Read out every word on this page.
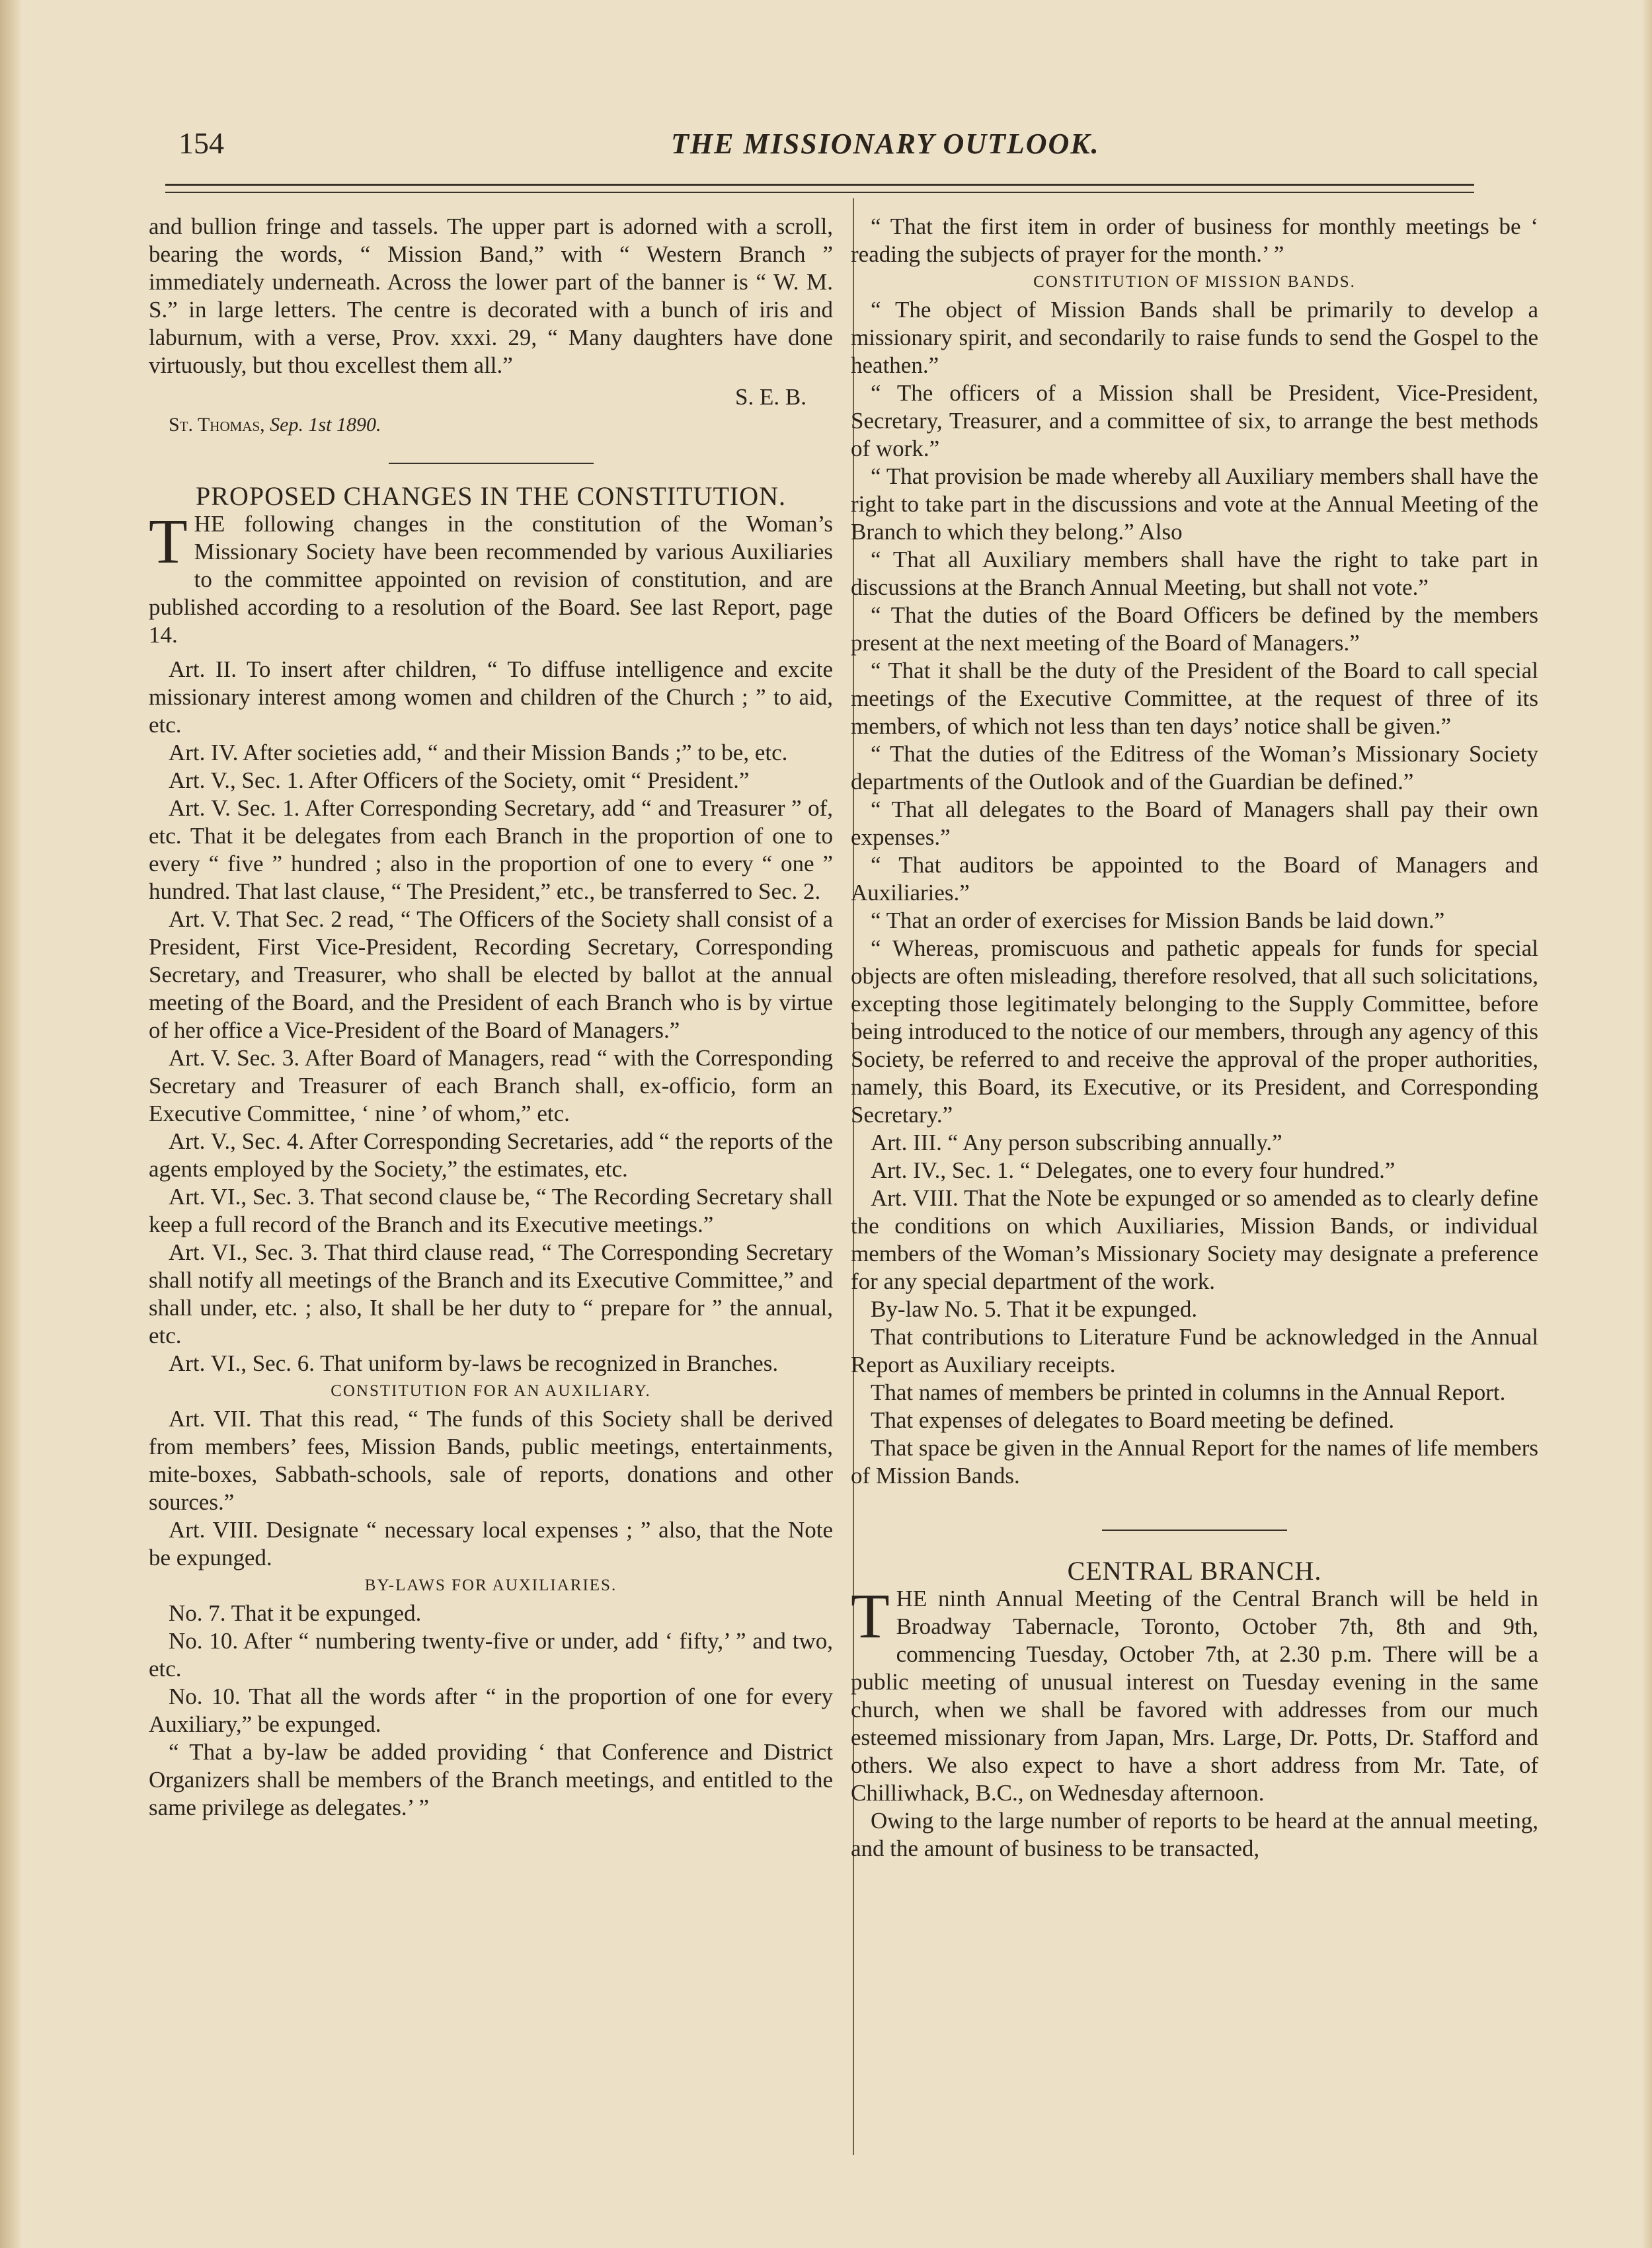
154	THE MISSIONARY OUTLOOK.

and bullion fringe and tassels. The upper part is adorned with a scroll, bearing the words, “ Mission Band,” with “ Western Branch ” immediately underneath. Across the lower part of the banner is “ W. M. S.” in large letters. The centre is decorated with a bunch of iris and laburnum, with a verse, Prov. xxxi. 29, “ Many daughters have done virtuously, but thou excellest them all.”

S. E. B.

St. Thomas, Sep. 1st 1890.

PROPOSED CHANGES IN THE CONSTITUTION.

THE following changes in the constitution of the Woman’s Missionary Society have been recommended by various Auxiliaries to the committee appointed on revision of constitution, and are published according to a resolution of the Board. See last Report, page 14.

Art. II. To insert after children, “ To diffuse intelligence and excite missionary interest among women and children of the Church ; ” to aid, etc.

Art. IV. After societies add, “ and their Mission Bands ;” to be, etc.

Art. V., Sec. 1. After Officers of the Society, omit “ President.”

Art. V. Sec. 1. After Corresponding Secretary, add “ and Treasurer ” of, etc. That it be delegates from each Branch in the proportion of one to every “ five ” hundred ; also in the proportion of one to every “ one ” hundred. That last clause, “ The President,” etc., be transferred to Sec. 2.

Art. V. That Sec. 2 read, “ The Officers of the Society shall consist of a President, First Vice-President, Recording Secretary, Corresponding Secretary, and Treasurer, who shall be elected by ballot at the annual meeting of the Board, and the President of each Branch who is by virtue of her office a Vice-President of the Board of Managers.”

Art. V. Sec. 3. After Board of Managers, read “ with the Corresponding Secretary and Treasurer of each Branch shall, ex-officio, form an Executive Committee, ‘ nine ’ of whom,” etc.

Art. V., Sec. 4. After Corresponding Secretaries, add “ the reports of the agents employed by the Society,” the estimates, etc.

Art. VI., Sec. 3. That second clause be, “ The Recording Secretary shall keep a full record of the Branch and its Executive meetings.”

Art. VI., Sec. 3. That third clause read, “ The Corresponding Secretary shall notify all meetings of the Branch and its Executive Committee,” and shall under, etc. ; also, It shall be her duty to “ prepare for ” the annual, etc.

Art. VI., Sec. 6. That uniform by-laws be recognized in Branches.

CONSTITUTION FOR AN AUXILIARY.

Art. VII. That this read, “ The funds of this Society shall be derived from members’ fees, Mission Bands, public meetings, entertainments, mite-boxes, Sabbath-schools, sale of reports, donations and other sources.”

Art. VIII. Designate “ necessary local expenses ; ” also, that the Note be expunged.

BY-LAWS FOR AUXILIARIES.

No. 7. That it be expunged.

No. 10. After “ numbering twenty-five or under, add ‘ fifty,’ ” and two, etc.

No. 10. That all the words after “ in the proportion of one for every Auxiliary,” be expunged.

“ That a by-law be added providing ‘ that Conference and District Organizers shall be members of the Branch meetings, and entitled to the same privilege as delegates.’ ”

“ That the first item in order of business for monthly meetings be ‘ reading the subjects of prayer for the month.’ ”

CONSTITUTION OF MISSION BANDS.

“ The object of Mission Bands shall be primarily to develop a missionary spirit, and secondarily to raise funds to send the Gospel to the heathen.”

“ The officers of a Mission shall be President, Vice-President, Secretary, Treasurer, and a committee of six, to arrange the best methods of work.”

“ That provision be made whereby all Auxiliary members shall have the right to take part in the discussions and vote at the Annual Meeting of the Branch to which they belong.” Also

“ That all Auxiliary members shall have the right to take part in discussions at the Branch Annual Meeting, but shall not vote.”

“ That the duties of the Board Officers be defined by the members present at the next meeting of the Board of Managers.”

“ That it shall be the duty of the President of the Board to call special meetings of the Executive Committee, at the request of three of its members, of which not less than ten days’ notice shall be given.”

“ That the duties of the Editress of the Woman’s Missionary Society departments of the Outlook and of the Guardian be defined.”

“ That all delegates to the Board of Managers shall pay their own expenses.”

“ That auditors be appointed to the Board of Managers and Auxiliaries.”

“ That an order of exercises for Mission Bands be laid down.”

“ Whereas, promiscuous and pathetic appeals for funds for special objects are often misleading, therefore resolved, that all such solicitations, excepting those legitimately belonging to the Supply Committee, before being introduced to the notice of our members, through any agency of this Society, be referred to and receive the approval of the proper authorities, namely, this Board, its Executive, or its President, and Corresponding Secretary.”

Art. III. “ Any person subscribing annually.”

Art. IV., Sec. 1. “ Delegates, one to every four hundred.”

Art. VIII. That the Note be expunged or so amended as to clearly define the conditions on which Auxiliaries, Mission Bands, or individual members of the Woman’s Missionary Society may designate a preference for any special department of the work.

By-law No. 5. That it be expunged.

That contributions to Literature Fund be acknowledged in the Annual Report as Auxiliary receipts.

That names of members be printed in columns in the Annual Report.

That expenses of delegates to Board meeting be defined.

That space be given in the Annual Report for the names of life members of Mission Bands.

CENTRAL BRANCH.

THE ninth Annual Meeting of the Central Branch will be held in Broadway Tabernacle, Toronto, October 7th, 8th and 9th, commencing Tuesday, October 7th, at 2.30 p.m. There will be a public meeting of unusual interest on Tuesday evening in the same church, when we shall be favored with addresses from our much esteemed missionary from Japan, Mrs. Large, Dr. Potts, Dr. Stafford and others. We also expect to have a short address from Mr. Tate, of Chilliwhack, B.C., on Wednesday afternoon.

Owing to the large number of reports to be heard at the annual meeting, and the amount of business to be transacted,
